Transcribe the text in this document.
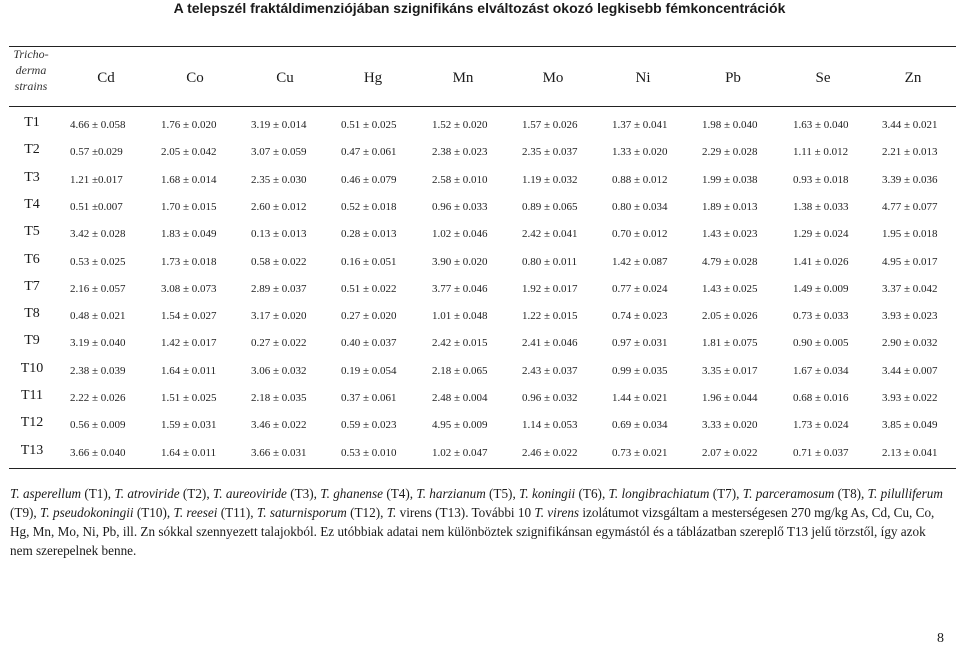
A telepszél fraktáldimenziójában szignifikáns elváltozást okozó legkisebb fémkoncentrációk
Tricho-
derma
strains	Cd	Co	Cu	Hg	Mn	Mo	Ni	Pb	Se	Zn
T1	4.66 ± 0.058	1.76 ± 0.020	3.19 ± 0.014	0.51 ± 0.025	1.52 ± 0.020	1.57 ± 0.026	1.37 ± 0.041	1.98 ± 0.040	1.63 ± 0.040	3.44 ± 0.021
T2	0.57 ±0.029	2.05 ± 0.042	3.07 ± 0.059	0.47 ± 0.061	2.38 ± 0.023	2.35 ± 0.037	1.33 ± 0.020	2.29 ± 0.028	1.11 ± 0.012	2.21 ± 0.013
T3	1.21 ±0.017	1.68 ± 0.014	2.35 ± 0.030	0.46 ± 0.079	2.58 ± 0.010	1.19 ± 0.032	0.88 ± 0.012	1.99 ± 0.038	0.93 ± 0.018	3.39 ± 0.036
T4	0.51 ±0.007	1.70 ± 0.015	2.60 ± 0.012	0.52 ± 0.018	0.96 ± 0.033	0.89 ± 0.065	0.80 ± 0.034	1.89 ± 0.013	1.38 ± 0.033	4.77 ± 0.077
T5	3.42 ± 0.028	1.83 ± 0.049	0.13 ± 0.013	0.28 ± 0.013	1.02 ± 0.046	2.42 ± 0.041	0.70 ± 0.012	1.43 ± 0.023	1.29 ± 0.024	1.95 ± 0.018
T6	0.53 ± 0.025	1.73 ± 0.018	0.58 ± 0.022	0.16 ± 0.051	3.90 ± 0.020	0.80 ± 0.011	1.42 ± 0.087	4.79 ± 0.028	1.41 ± 0.026	4.95 ± 0.017
T7	2.16 ± 0.057	3.08 ± 0.073	2.89 ± 0.037	0.51 ± 0.022	3.77 ± 0.046	1.92 ± 0.017	0.77 ± 0.024	1.43 ± 0.025	1.49 ± 0.009	3.37 ± 0.042
T8	0.48 ± 0.021	1.54 ± 0.027	3.17 ± 0.020	0.27 ± 0.020	1.01 ± 0.048	1.22 ± 0.015	0.74 ± 0.023	2.05 ± 0.026	0.73 ± 0.033	3.93 ± 0.023
T9	3.19 ± 0.040	1.42 ± 0.017	0.27 ± 0.022	0.40 ± 0.037	2.42 ± 0.015	2.41 ± 0.046	0.97 ± 0.031	1.81 ± 0.075	0.90 ± 0.005	2.90 ± 0.032
T10	2.38 ± 0.039	1.64 ± 0.011	3.06 ± 0.032	0.19 ± 0.054	2.18 ± 0.065	2.43 ± 0.037	0.99 ± 0.035	3.35 ± 0.017	1.67 ± 0.034	3.44 ± 0.007
T11	2.22 ± 0.026	1.51 ± 0.025	2.18 ± 0.035	0.37 ± 0.061	2.48 ± 0.004	0.96 ± 0.032	1.44 ± 0.021	1.96 ± 0.044	0.68 ± 0.016	3.93 ± 0.022
T12	0.56 ± 0.009	1.59 ± 0.031	3.46 ± 0.022	0.59 ± 0.023	4.95 ± 0.009	1.14 ± 0.053	0.69 ± 0.034	3.33 ± 0.020	1.73 ± 0.024	3.85 ± 0.049
T13	3.66 ± 0.040	1.64 ± 0.011	3.66 ± 0.031	0.53 ± 0.010	1.02 ± 0.047	2.46 ± 0.022	0.73 ± 0.021	2.07 ± 0.022	0.71 ± 0.037	2.13 ± 0.041
T. asperellum (T1), T. atroviride (T2), T. aureoviride (T3), T. ghanense (T4), T. harzianum (T5), T. koningii (T6), T. longibrachiatum (T7), T. parceramosum (T8), T. pilulliferum (T9), T. pseudokoningii (T10), T. reesei (T11), T. saturnisporum (T12), T. virens (T13). További 10 T. virens izolátumot vizsgáltam a mesterségesen 270 mg/kg As, Cd, Cu, Co, Hg, Mn, Mo, Ni, Pb, ill. Zn sókkal szennyezett talajokból. Ez utóbbiak adatai nem különböztek szignifikánsan egymástól és a táblázatban szereplő T13 jelű törzstől, így azok nem szerepelnek benne.
8
